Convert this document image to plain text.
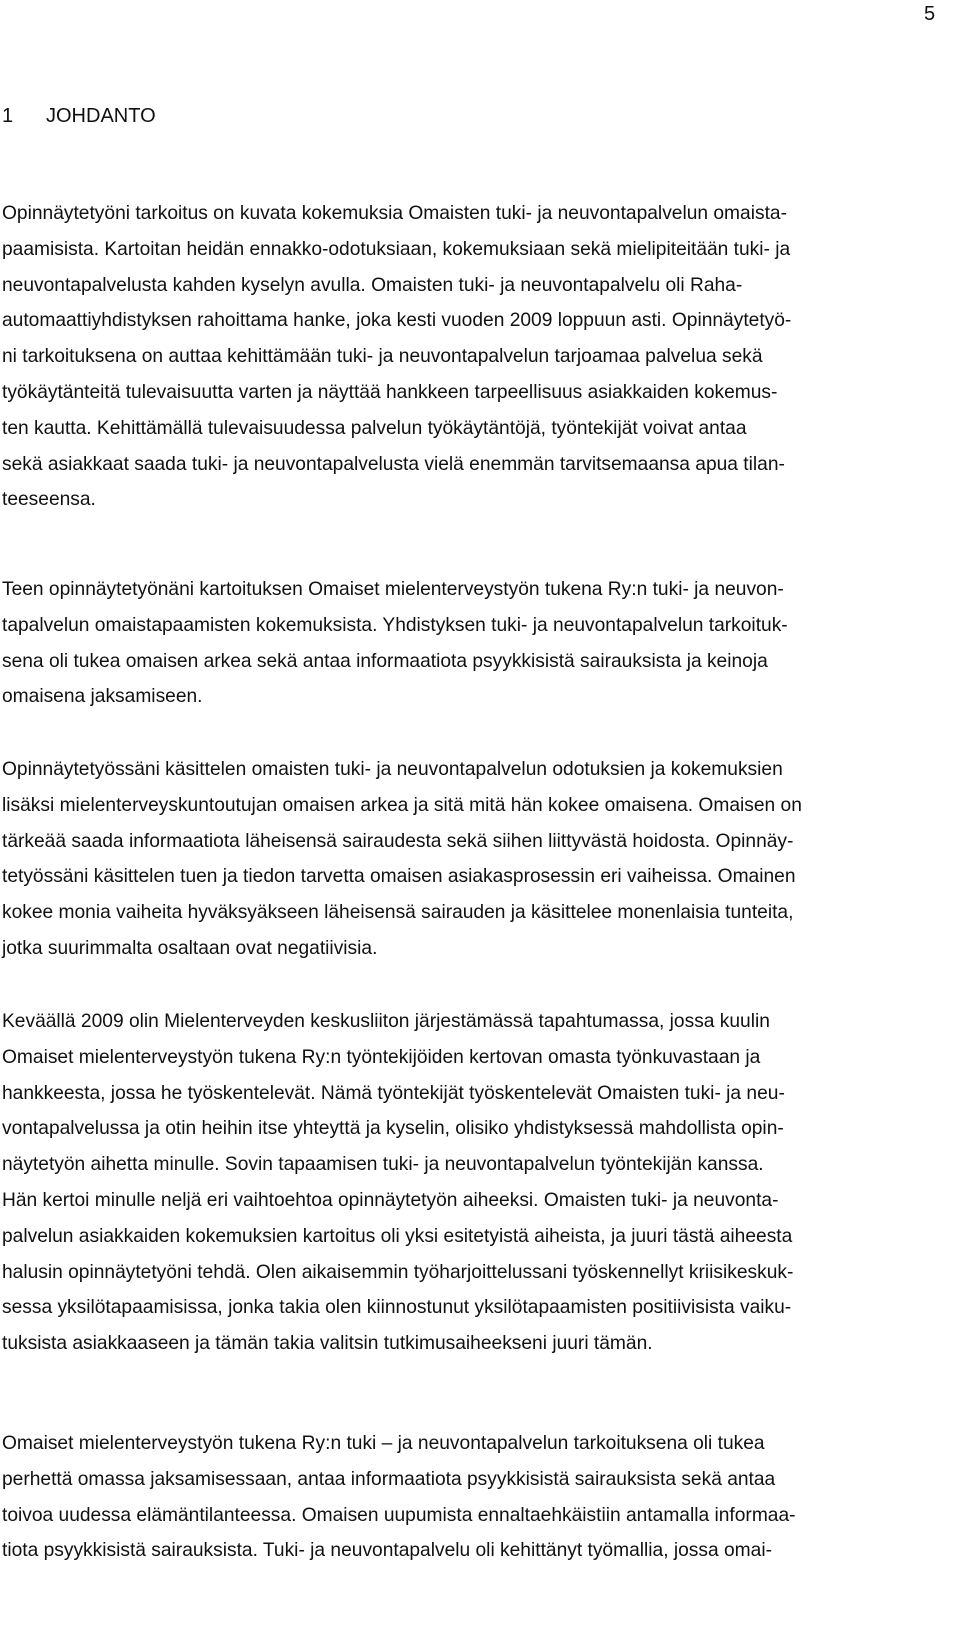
5
1 JOHDANTO
Opinnäytetyöni tarkoitus on kuvata kokemuksia Omaisten tuki- ja neuvontapalvelun omaista-
paamisista. Kartoitan heidän ennakko-odotuksiaan, kokemuksiaan sekä mielipiteitään tuki- ja
neuvontapalvelusta kahden kyselyn avulla. Omaisten tuki- ja neuvontapalvelu oli Raha-
automaattiyhdistyksen rahoittama hanke, joka kesti vuoden 2009 loppuun asti. Opinnäytetyö-
ni tarkoituksena on auttaa kehittämään tuki- ja neuvontapalvelun tarjoamaa palvelua sekä
työkäytänteitä tulevaisuutta varten ja näyttää hankkeen tarpeellisuus asiakkaiden kokemus-
ten kautta. Kehittämällä tulevaisuudessa palvelun työkäytäntöjä, työntekijät voivat antaa
sekä asiakkaat saada tuki- ja neuvontapalvelusta vielä enemmän tarvitsemaansa apua tilan-
teeseensa.
Teen opinnäytetyönäni kartoituksen Omaiset mielenterveystyön tukena Ry:n tuki- ja neuvon-
tapalvelun omaistapaamisten kokemuksista. Yhdistyksen tuki- ja neuvontapalvelun tarkoituk-
sena oli tukea omaisen arkea sekä antaa informaatiota psyykkisistä sairauksista ja keinoja
omaisena jaksamiseen.
Opinnäytetyössäni käsittelen omaisten tuki- ja neuvontapalvelun odotuksien ja kokemuksien
lisäksi mielenterveyskuntoutujan omaisen arkea ja sitä mitä hän kokee omaisena. Omaisen on
tärkeää saada informaatiota läheisensä sairaudesta sekä siihen liittyvästä hoidosta. Opinnäy-
tetyössäni käsittelen tuen ja tiedon tarvetta omaisen asiakasprosessin eri vaiheissa. Omainen
kokee monia vaiheita hyväksyäkseen läheisensä sairauden ja käsittelee monenlaisia tunteita,
jotka suurimmalta osaltaan ovat negatiivisia.
Keväällä 2009 olin Mielenterveyden keskusliiton järjestämässä tapahtumassa, jossa kuulin
Omaiset mielenterveystyön tukena Ry:n työntekijöiden kertovan omasta työnkuvastaan ja
hankkeesta, jossa he työskentelevät. Nämä työntekijät työskentelevät Omaisten tuki- ja neu-
vontapalvelussa ja otin heihin itse yhteyttä ja kyselin, olisiko yhdistyksessä mahdollista opin-
näytetyön aihetta minulle. Sovin tapaamisen tuki- ja neuvontapalvelun työntekijän kanssa.
Hän kertoi minulle neljä eri vaihtoehtoa opinnäytetyön aiheeksi. Omaisten tuki- ja neuvonta-
palvelun asiakkaiden kokemuksien kartoitus oli yksi esitetyistä aiheista, ja juuri tästä aiheesta
halusin opinnäytetyöni tehdä. Olen aikaisemmin työharjoittelussani työskennellyt kriisikeskuk-
sessa yksilötapaamisissa, jonka takia olen kiinnostunut yksilötapaamisten positiivisista vaiku-
tuksista asiakkaaseen ja tämän takia valitsin tutkimusaiheekseni juuri tämän.
Omaiset mielenterveystyön tukena Ry:n tuki – ja neuvontapalvelun tarkoituksena oli tukea
perhettä omassa jaksamisessaan, antaa informaatiota psyykkisistä sairauksista sekä antaa
toivoa uudessa elämäntilanteessa. Omaisen uupumista ennaltaehkäistiin antamalla informaa-
tiota psyykkisistä sairauksista. Tuki- ja neuvontapalvelu oli kehittänyt työmallia, jossa omai-
